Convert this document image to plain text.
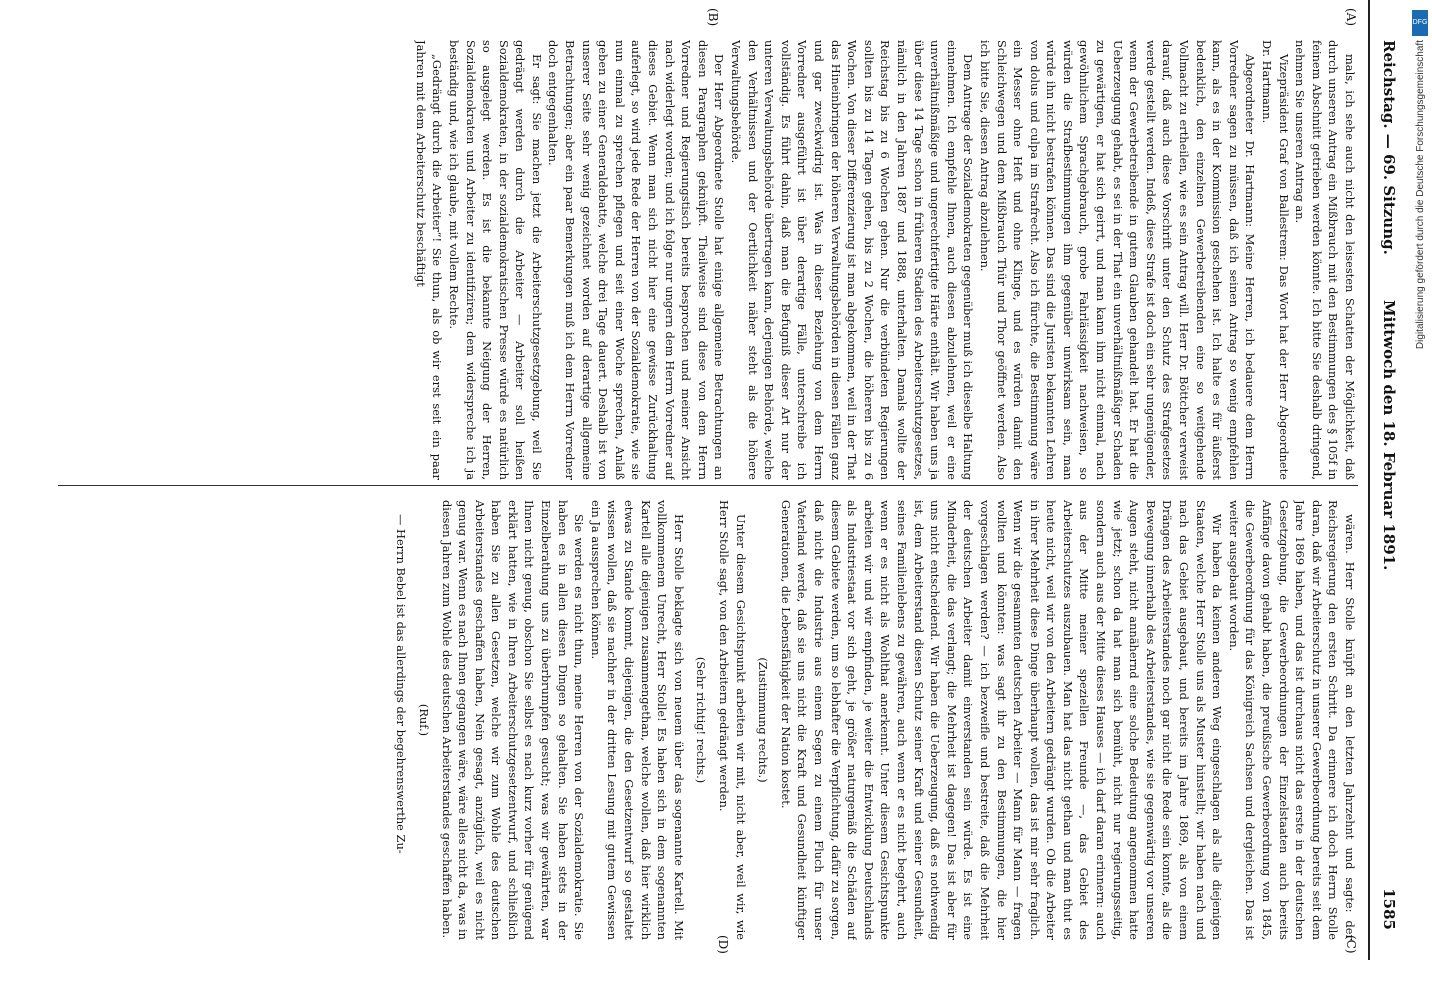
Reichstag. — 69. Sitzung.
Mittwoch den 18. Februar 1891.
1585
(A)
(B)
(C)
(D)

mals, ich sehe auch nicht den leisesten Schatten der Möglichkeit, daß durch unseren Antrag ein Mißbrauch mit den Bestimmungen des § 105f in feinem Abschnitt getrieben werden könnte. Ich bitte Sie deshalb dringend, nehmen Sie unseren Antrag an.

Vizepräsident Graf von Ballestrem: Das Wort hat der Herr Abgeordnete Dr. Hartmann.

Abgeordneter Dr. Hartmann: Meine Herren, ich bedauere dem Herrn Vorredner sagen zu müssen, daß ich seinen Antrag so wenig empfehlen kann, als es in der Kommission geschehen ist. Ich halte es für äußerst bedenklich, den einzelnen Gewerbetreibenden eine so weitgehende Vollmacht zu ertheilen, wie es sein Antrag will. Herr Dr. Böttcher verweist darauf, daß auch diese Vorschrift unter den Schutz des Strafgesetzes werde gestellt werden. Indeß, diese Strafe ist doch ein sehr ungenügender, wenn der Gewerbetreibende in gutem Glauben gehandelt hat. Er hat die Ueberzeugung gehabt, es sei in der That ein unverhältnißmäßiger Schaden zu gewärtigen, er hat sich geirrt, und man kann ihm nicht einmal, nach gewöhnlichem Sprachgebrauch, grobe Fahrlässigkeit nachweisen, so würden die Strafbestimmungen ihm gegenüber unwirksam sein, man würde ihn nicht bestrafen können. Das sind die Juristen bekannten Lehren von dolus und culpa im Strafrecht. Also ich fürchte, die Bestimmung wäre ein Messer ohne Heft und ohne Klinge, und es würden damit den Schleichwegen und dem Mißbrauch Thür und Thor geöffnet werden. Also ich bitte Sie, diesen Antrag abzulehnen.

Dem Antrage der Sozialdemokraten gegenüber muß ich dieselbe Haltung einnehmen. Ich empfehle Ihnen, auch diesen abzulehnen, weil er eine unverhältnißmäßige und ungerechtfertigte Härte enthält. Wir haben uns ja über diese 14 Tage schon in früheren Stadien des Arbeiterschutzgesetzes, nämlich in den Jahren 1887 und 1888, unterhalten. Damals wollte der Reichstag bis zu 6 Wochen gehen. Nur die verbündeten Regierungen sollten bis zu 14 Tagen gehen, bis zu 2 Wochen, die höheren bis zu 6 Wochen. Von dieser Differenzierung ist man abgekommen, weil in der That das Hineinbringen der höheren Verwaltungsbehörden in diesen Fällen ganz und gar zweckwidrig ist. Was in dieser Beziehung von dem Herrn Vorredner ausgeführt ist über derartige Fälle, unterschreibe ich vollständig. Es führt dahin, daß man die Befugniß dieser Art nur der unteren Verwaltungsbehörde übertragen kann, derjenigen Behörde, welche den Verhältnissen und der Oertlichkeit näher steht als die höhere Verwaltungsbehörde.

Der Herr Abgeordnete Stolle hat einige allgemeine Betrachtungen an diesen Paragraphen geknüpft. Theilweise sind diese von dem Herrn Vorredner und Regierungstisch bereits besprochen und meiner Ansicht nach widerlegt worden; und ich folge nur ungern dem Herrn Vorredner auf dieses Gebiet. Wenn man sich nicht hier eine gewisse Zurückhaltung auferlegt, so wird jede Rede der Herren von der Sozialdemokratie, wie sie nun einmal zu sprechen pflegen und seit einer Woche sprechen, Anlaß geben zu einer Generaldebatte, welche drei Tage dauert. Deshalb ist von unserer Seite sehr wenig gezeichnet worden auf derartige allgemeine Betrachtungen; aber ein paar Bemerkungen muß ich dem Herrn Vorredner doch entgegenhalten.

Er sagt: Sie machen jetzt die Arbeiterschutzgesetzgebung, weil Sie gedrängt werden durch die Arbeiter — Arbeiter soll heißen Sozialdemokraten, in der sozialdemokratischen Presse würde es natürlich so ausgelegt werden. Es ist die bekannte Neigung der Herren, Sozialdemokraten und Arbeiter zu identifiziren; dem widerspreche ich ja beständig und, wie ich glaube, mit vollem Rechte.

„Gedrängt durch die Arbeiter“! Sie thun, als ob wir erst seit ein paar Jahren mit dem Arbeiterschutz beschäftigt

wären. Herr Stolle knüpft an den letzten Jahrzehnt und sagte: der Reichsregierung den ersten Schritt. Da erinnere ich doch Herrn Stolle daran, daß wir Arbeiterschutz in unserer Gewerbeordnung bereits seit dem Jahre 1869 haben, und das ist durchaus nicht das erste in der deutschen Gesetzgebung, die Gewerbeordnungen der Einzelstaaten auch bereits Anfänge davon gehabt haben, die preußische Gewerbeordnung von 1845, die Gewerbeordnung für das Königreich Sachsen und dergleichen. Das ist weiter ausgebaut worden.

Wir haben da keinen anderen Weg eingeschlagen als alle diejenigen Staaten, welche Herr Stolle uns als Muster hinstellt; wir haben nach und nach das Gebiet ausgebaut, und bereits im Jahre 1869, als von einem Drängen des Arbeiterstandes noch gar nicht die Rede sein konnte, als die Bewegung innerhalb des Arbeiterstandes, wie sie gegenwärtig vor unseren Augen steht, nicht annähernd eine solche Bedeutung angenommen hatte wie jetzt; schon da hat man sich bemüht, nicht nur regierungsseitig, sondern auch aus der Mitte dieses Hauses — ich darf daran erinnern: auch aus der Mitte meiner speziellen Freunde —, das Gebiet des Arbeiterschutzes auszubauen. Man hat das nicht gethan und man thut es heute nicht, weil wir von den Arbeitern gedrängt wurden. Ob die Arbeiter in ihrer Mehrheit diese Dinge überhaupt wollen, das ist mir sehr fraglich. Wenn wir die gesammten deutschen Arbeiter — Mann für Mann — fragen wollten und könnten: was sagt ihr zu den Bestimmungen, die hier vorgeschlagen werden? — ich bezweifle und bestreite, daß die Mehrheit der deutschen Arbeiter damit einverstanden sein würde. Es ist eine Minderheit, die das verlangt; die Mehrheit ist dagegen! Das ist aber für uns nicht entscheidend. Wir haben die Ueberzeugung, daß es nothwendig ist, dem Arbeiterstand diesen Schutz seiner Kraft und seiner Gesundheit, seines Familienlebens zu gewähren, auch wenn er es nicht begehrt, auch wenn er es nicht als Wohlthat anerkennt. Unter diesem Gesichtspunkte arbeiten wir und wir empfinden, je weiter die Entwicklung Deutschlands als Industriestaat vor sich geht, je größer naturgemäß die Schäden auf diesem Gebiete werden, um so lebhafter die Verpflichtung, dafür zu sorgen, daß nicht die Industrie aus einem Segen zu einem Fluch für unser Vaterland werde, daß sie uns nicht die Kraft und Gesundheit künftiger Generationen, die Lebensfähigkeit der Nation kostet.

(Zustimmung rechts.)

Unter diesem Gesichtspunkt arbeiten wir mit, nicht aber, weil wir, wie Herr Stolle sagt, von den Arbeitern gedrängt werden.

(Sehr richtig! rechts.)

Herr Stolle beklagte sich von neuem über das sogenannte Kartell. Mit vollkommenem Unrecht, Herr Stolle! Es haben sich in dem sogenannten Kartell alle diejenigen zusammengethan, welche wollen, daß hier wirklich etwas zu Stande kommt, diejenigen, die den Gesetzentwurf so gestaltet wissen wollen, daß sie nachher in der dritten Lesung mit gutem Gewissen ein Ja aussprechen können.

Sie werden es nicht thun, meine Herren von der Sozialdemokratie. Sie haben es in allen diesen Dingen so gehalten. Sie haben stets in der Einzelberathung uns zu überbrumpfen gesucht; was wir gewährten, war Ihnen nicht genug, obschon Sie selbst es nach kurz vorher für genügend erklärt hatten, wie in Ihren Arbeiterschutzgesetzentwurf, und schließlich haben Sie zu allen Gesetzen, welche wir zum Wohle des deutschen Arbeiterstandes geschaffen haben, Nein gesagt, anzüglich, weil es nicht genug war. Wenn es nach Ihnen gegangen wäre, wäre alles nicht da, was in diesen Jahren zum Wohle des deutschen Arbeiterstandes geschaffen haben.

(Ruf.)

— Herrn Bebel ist das allerdings der begehrenswerthe Zu-

DFG
Digitalisierung gefördert durch die Deutsche Forschungsgemeinschaft
